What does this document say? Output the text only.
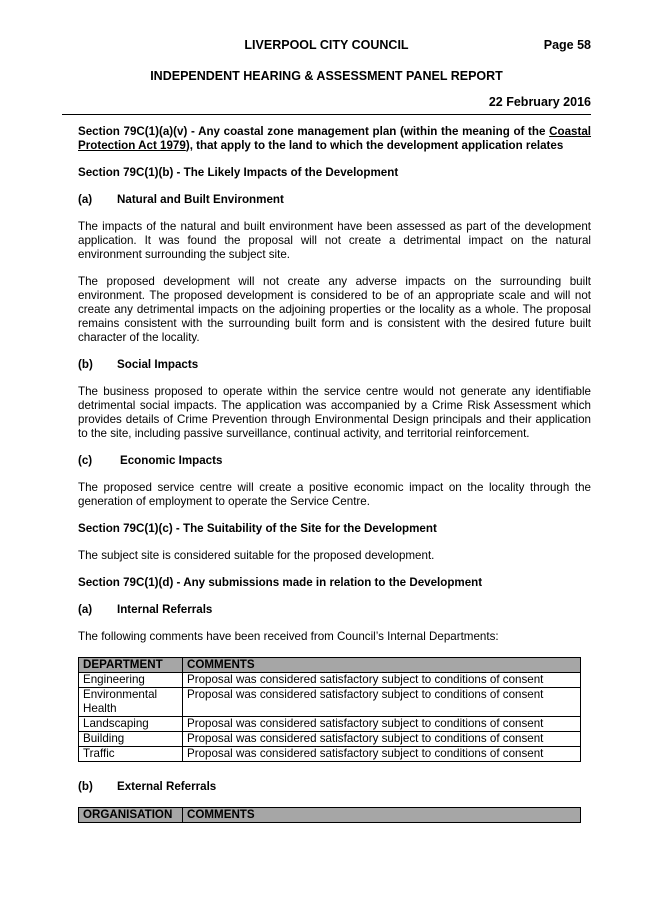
LIVERPOOL CITY COUNCIL	Page 58
INDEPENDENT HEARING & ASSESSMENT PANEL REPORT
22 February 2016

Section 79C(1)(a)(v) - Any coastal zone management plan (within the meaning of the Coastal Protection Act 1979), that apply to the land to which the development application relates

Section 79C(1)(b) - The Likely Impacts of the Development

(a)	Natural and Built Environment

The impacts of the natural and built environment have been assessed as part of the development application. It was found the proposal will not create a detrimental impact on the natural environment surrounding the subject site.

The proposed development will not create any adverse impacts on the surrounding built environment. The proposed development is considered to be of an appropriate scale and will not create any detrimental impacts on the adjoining properties or the locality as a whole. The proposal remains consistent with the surrounding built form and is consistent with the desired future built character of the locality.

(b)	Social Impacts

The business proposed to operate within the service centre would not generate any identifiable detrimental social impacts. The application was accompanied by a Crime Risk Assessment which provides details of Crime Prevention through Environmental Design principals and their application to the site, including passive surveillance, continual activity, and territorial reinforcement.

(c)	Economic Impacts

The proposed service centre will create a positive economic impact on the locality through the generation of employment to operate the Service Centre.

Section 79C(1)(c) - The Suitability of the Site for the Development

The subject site is considered suitable for the proposed development.

Section 79C(1)(d) - Any submissions made in relation to the Development

(a)	Internal Referrals

The following comments have been received from Council’s Internal Departments:

DEPARTMENT	COMMENTS
Engineering	Proposal was considered satisfactory subject to conditions of consent
Environmental Health	Proposal was considered satisfactory subject to conditions of consent
Landscaping	Proposal was considered satisfactory subject to conditions of consent
Building	Proposal was considered satisfactory subject to conditions of consent
Traffic	Proposal was considered satisfactory subject to conditions of consent
(b)	External Referrals
ORGANISATION	COMMENTS
